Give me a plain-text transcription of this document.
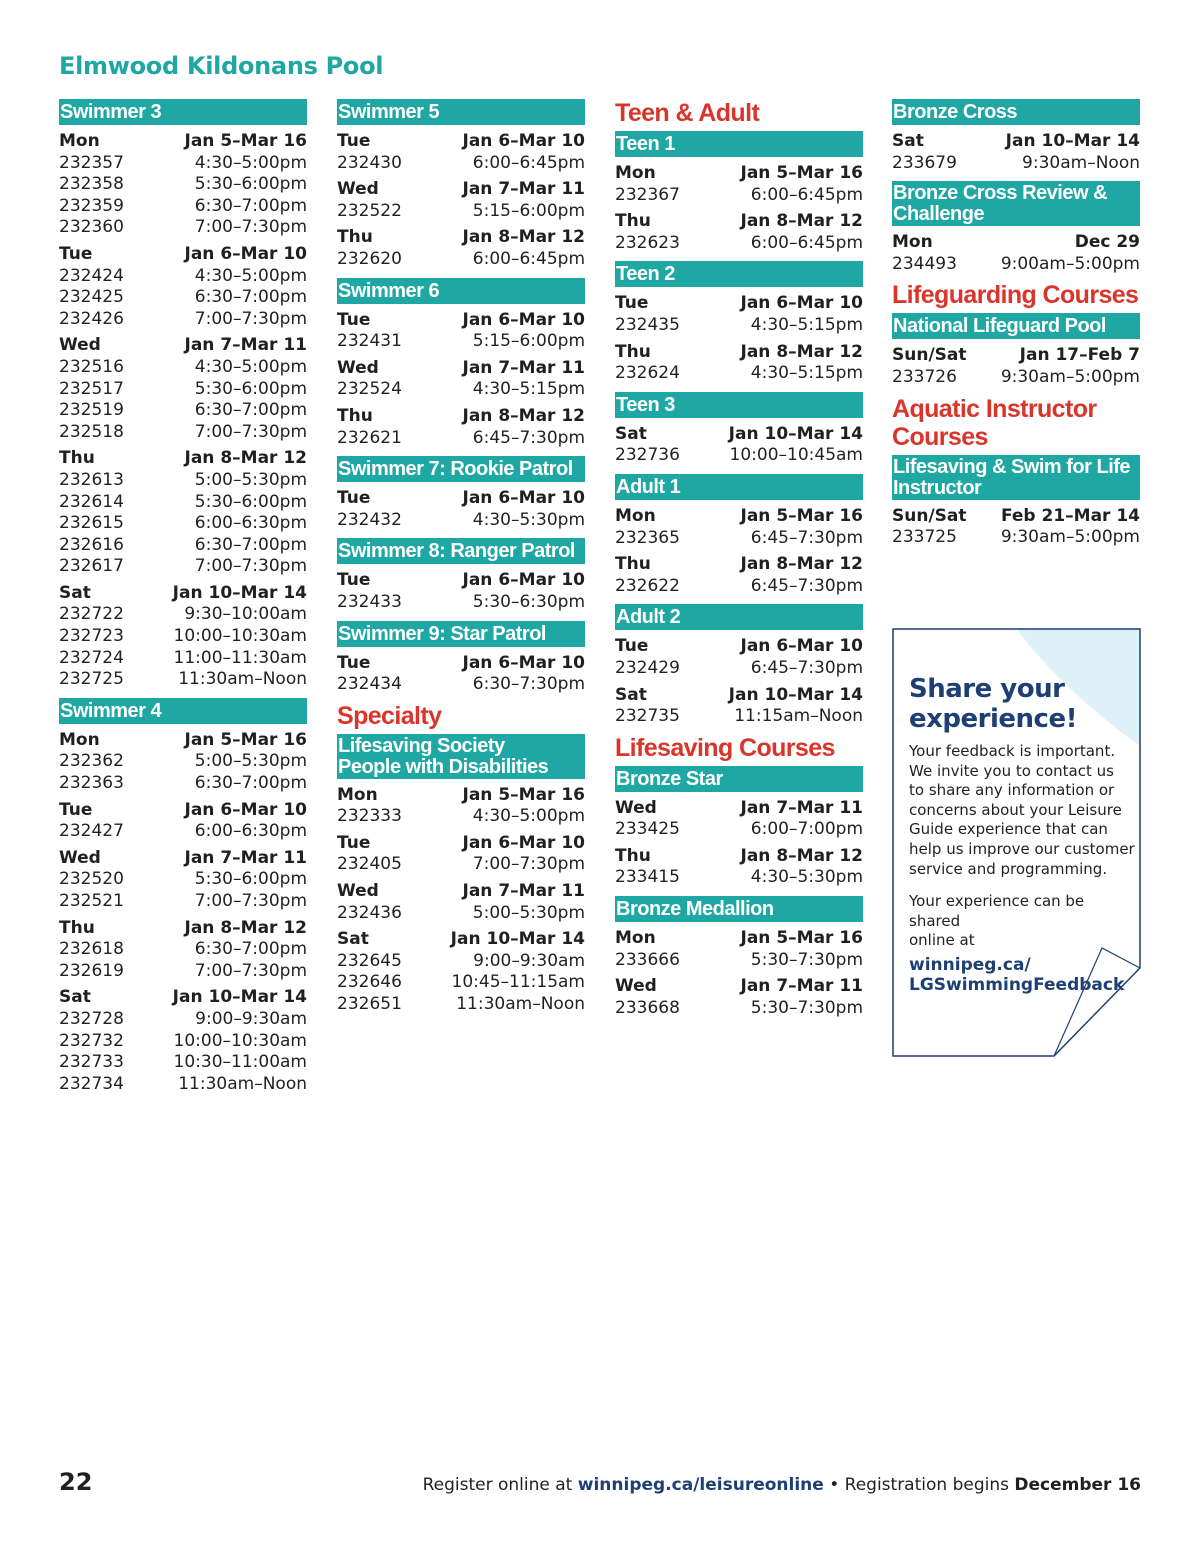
Elmwood Kildonans Pool
Swimmer 3
Mon	Jan 5–Mar 16
232357	4:30–5:00pm
232358	5:30–6:00pm
232359	6:30–7:00pm
232360	7:00–7:30pm
Tue	Jan 6–Mar 10
232424	4:30–5:00pm
232425	6:30–7:00pm
232426	7:00–7:30pm
Wed	Jan 7–Mar 11
232516	4:30–5:00pm
232517	5:30–6:00pm
232519	6:30–7:00pm
232518	7:00–7:30pm
Thu	Jan 8–Mar 12
232613	5:00–5:30pm
232614	5:30–6:00pm
232615	6:00–6:30pm
232616	6:30–7:00pm
232617	7:00–7:30pm
Sat	Jan 10–Mar 14
232722	9:30–10:00am
232723	10:00–10:30am
232724	11:00–11:30am
232725	11:30am–Noon
Swimmer 4
Mon	Jan 5–Mar 16
232362	5:00–5:30pm
232363	6:30–7:00pm
Tue	Jan 6–Mar 10
232427	6:00–6:30pm
Wed	Jan 7–Mar 11
232520	5:30–6:00pm
232521	7:00–7:30pm
Thu	Jan 8–Mar 12
232618	6:30–7:00pm
232619	7:00–7:30pm
Sat	Jan 10–Mar 14
232728	9:00–9:30am
232732	10:00–10:30am
232733	10:30–11:00am
232734	11:30am–Noon
Swimmer 5
Tue	Jan 6–Mar 10
232430	6:00–6:45pm
Wed	Jan 7–Mar 11
232522	5:15–6:00pm
Thu	Jan 8–Mar 12
232620	6:00–6:45pm
Swimmer 6
Tue	Jan 6–Mar 10
232431	5:15–6:00pm
Wed	Jan 7–Mar 11
232524	4:30–5:15pm
Thu	Jan 8–Mar 12
232621	6:45–7:30pm
Swimmer 7: Rookie Patrol
Tue	Jan 6–Mar 10
232432	4:30–5:30pm
Swimmer 8: Ranger Patrol
Tue	Jan 6–Mar 10
232433	5:30–6:30pm
Swimmer 9: Star Patrol
Tue	Jan 6–Mar 10
232434	6:30–7:30pm
Specialty
Lifesaving Society
People with Disabilities
Mon	Jan 5–Mar 16
232333	4:30–5:00pm
Tue	Jan 6–Mar 10
232405	7:00–7:30pm
Wed	Jan 7–Mar 11
232436	5:00–5:30pm
Sat	Jan 10–Mar 14
232645	9:00–9:30am
232646	10:45–11:15am
232651	11:30am–Noon
Teen & Adult
Teen 1
Mon	Jan 5–Mar 16
232367	6:00–6:45pm
Thu	Jan 8–Mar 12
232623	6:00–6:45pm
Teen 2
Tue	Jan 6–Mar 10
232435	4:30–5:15pm
Thu	Jan 8–Mar 12
232624	4:30–5:15pm
Teen 3
Sat	Jan 10–Mar 14
232736	10:00–10:45am
Adult 1
Mon	Jan 5–Mar 16
232365	6:45–7:30pm
Thu	Jan 8–Mar 12
232622	6:45–7:30pm
Adult 2
Tue	Jan 6–Mar 10
232429	6:45–7:30pm
Sat	Jan 10–Mar 14
232735	11:15am–Noon
Lifesaving Courses
Bronze Star
Wed	Jan 7–Mar 11
233425	6:00–7:00pm
Thu	Jan 8–Mar 12
233415	4:30–5:30pm
Bronze Medallion
Mon	Jan 5–Mar 16
233666	5:30–7:30pm
Wed	Jan 7–Mar 11
233668	5:30–7:30pm
Bronze Cross
Sat	Jan 10–Mar 14
233679	9:30am–Noon
Bronze Cross Review &
Challenge
Mon	Dec 29
234493	9:00am–5:00pm
Lifeguarding Courses
National Lifeguard Pool
Sun/Sat	Jan 17–Feb 7
233726	9:30am–5:00pm
Aquatic Instructor
Courses
Lifesaving & Swim for Life
Instructor
Sun/Sat Feb 21–Mar 14
233725	9:30am–5:00pm
Share your
experience!
Your feedback is important.
We invite you to contact us
to share any information or
concerns about your Leisure
Guide experience that can
help us improve our customer
service and programming.
Your experience can be shared
online at
winnipeg.ca/
LGSwimmingFeedback
22	Register online at winnipeg.ca/leisureonline • Registration begins December 16
